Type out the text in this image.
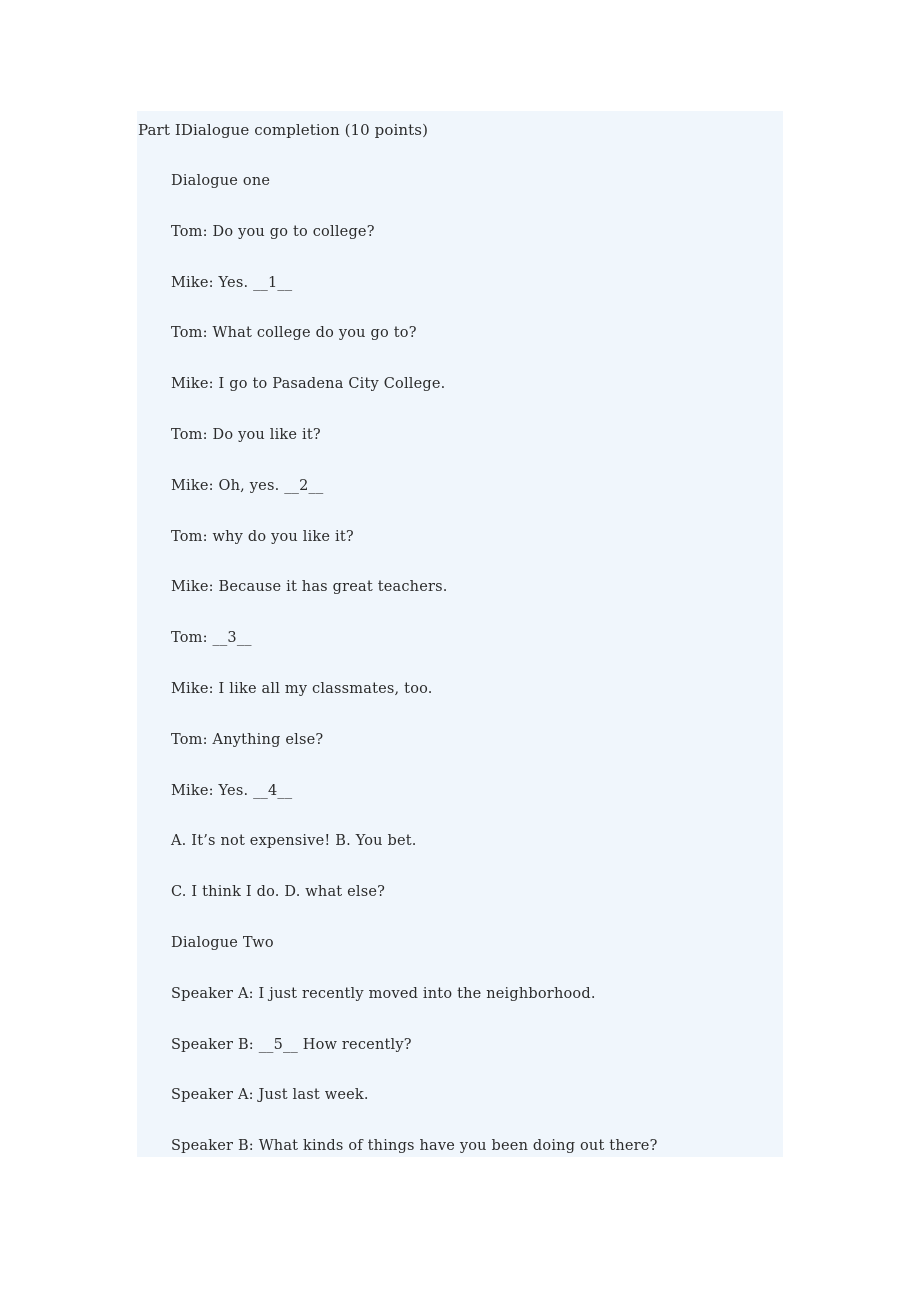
Part ⅠDialogue completion (10 points)
Dialogue one
Tom: Do you go to college?
Mike: Yes. __1__
Tom: What college do you go to?
Mike: I go to Pasadena City College.
Tom: Do you like it?
Mike: Oh, yes. __2__
Tom: why do you like it?
Mike: Because it has great teachers.
Tom: __3__
Mike: I like all my classmates, too.
Tom: Anything else?
Mike: Yes. __4__
A. It’s not expensive! B. You bet.
C. I think I do. D. what else?
Dialogue Two
Speaker A: I just recently moved into the neighborhood.
Speaker B: __5__ How recently?
Speaker A: Just last week.
Speaker B: What kinds of things have you been doing out there?
